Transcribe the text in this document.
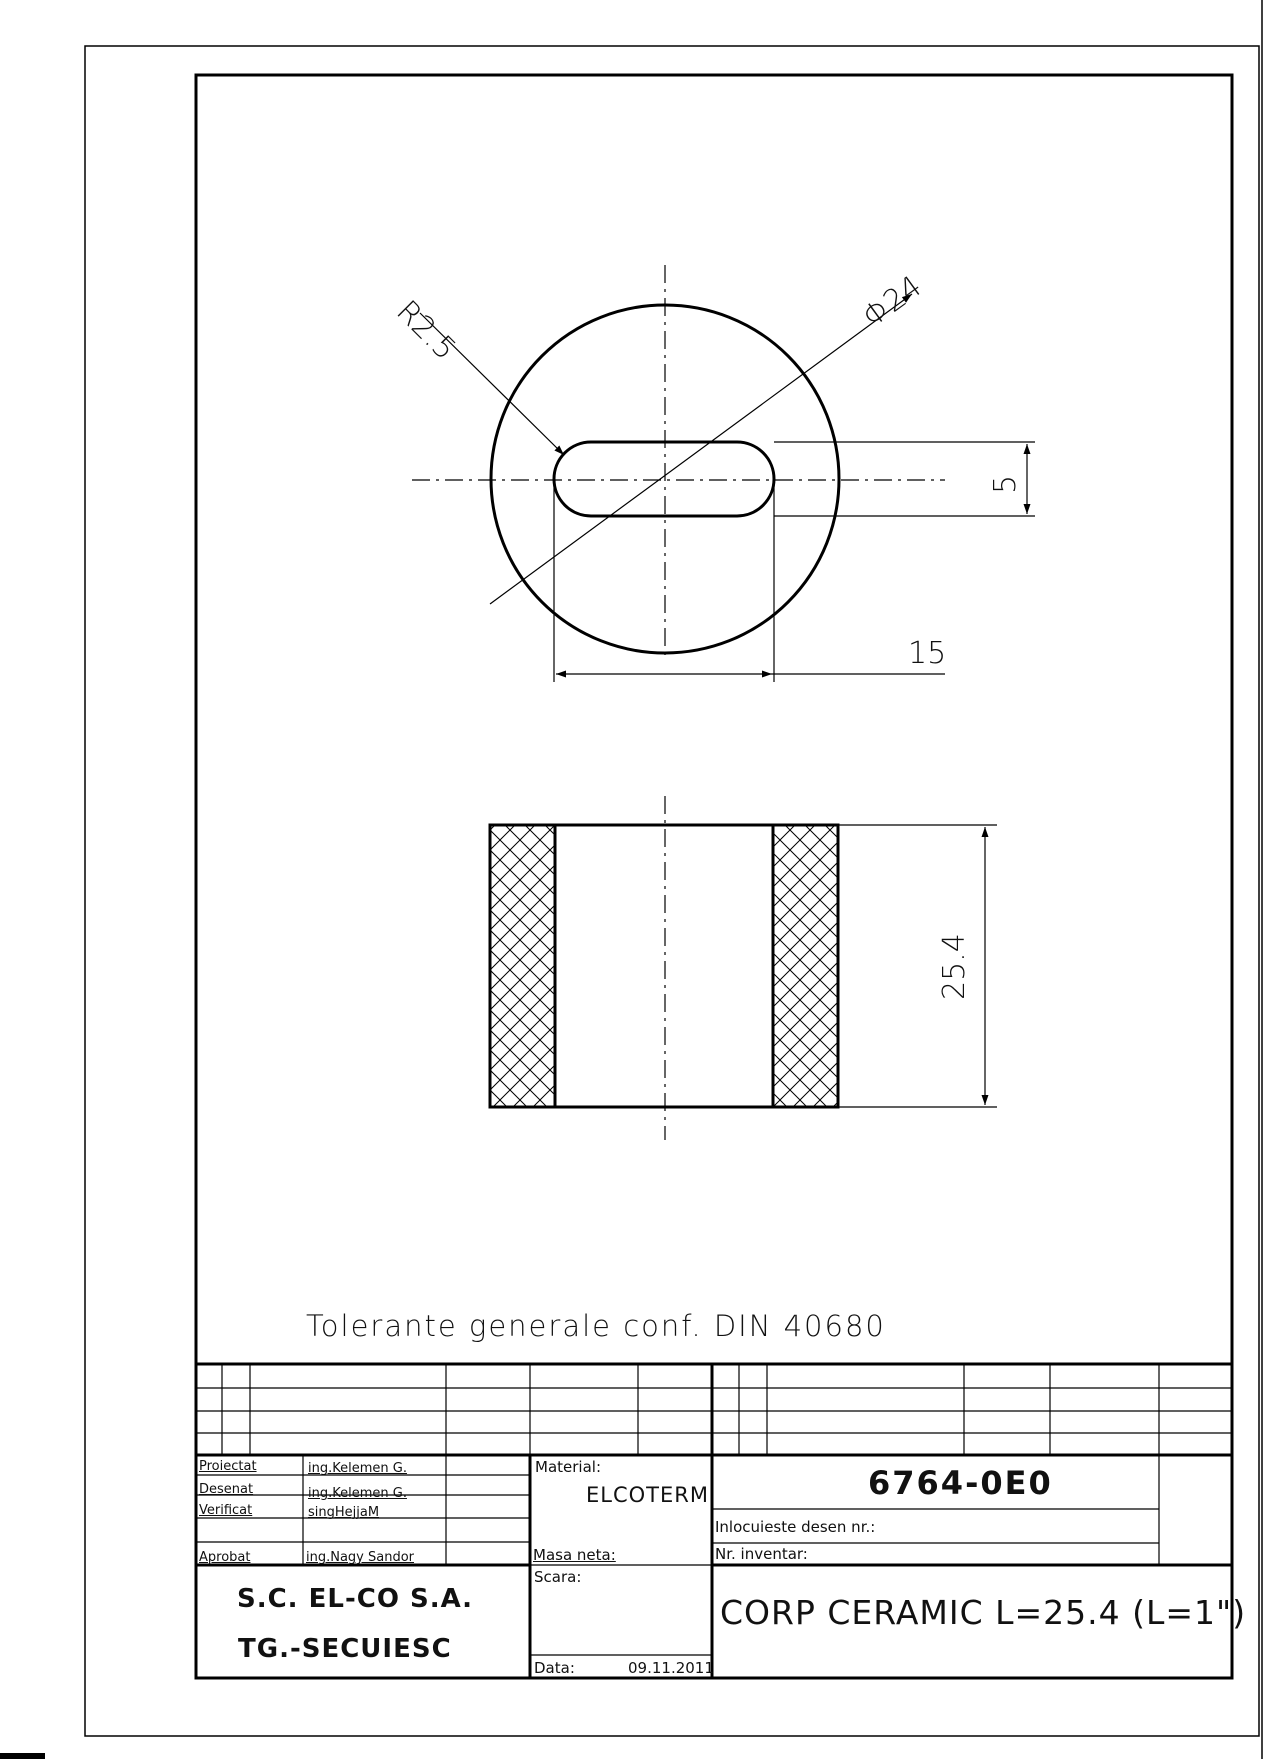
R2.5	Φ24
5
15
25.4
Tolerante generale conf. DIN 40680
Proiectat	ing.Kelemen G.
Desenat	ing.Kelemen G.
Verificat	singHejjaM
Aprobat	ing.Nagy Sandor
Material:
ELCOTERM
Masa neta:
Scara:
Data:	09.11.2011
6764-0E0
Inlocuieste desen nr.:
Nr. inventar:
S.C. EL-CO S.A.
TG.-SECUIESC
CORP CERAMIC L=25.4 (L=1")
